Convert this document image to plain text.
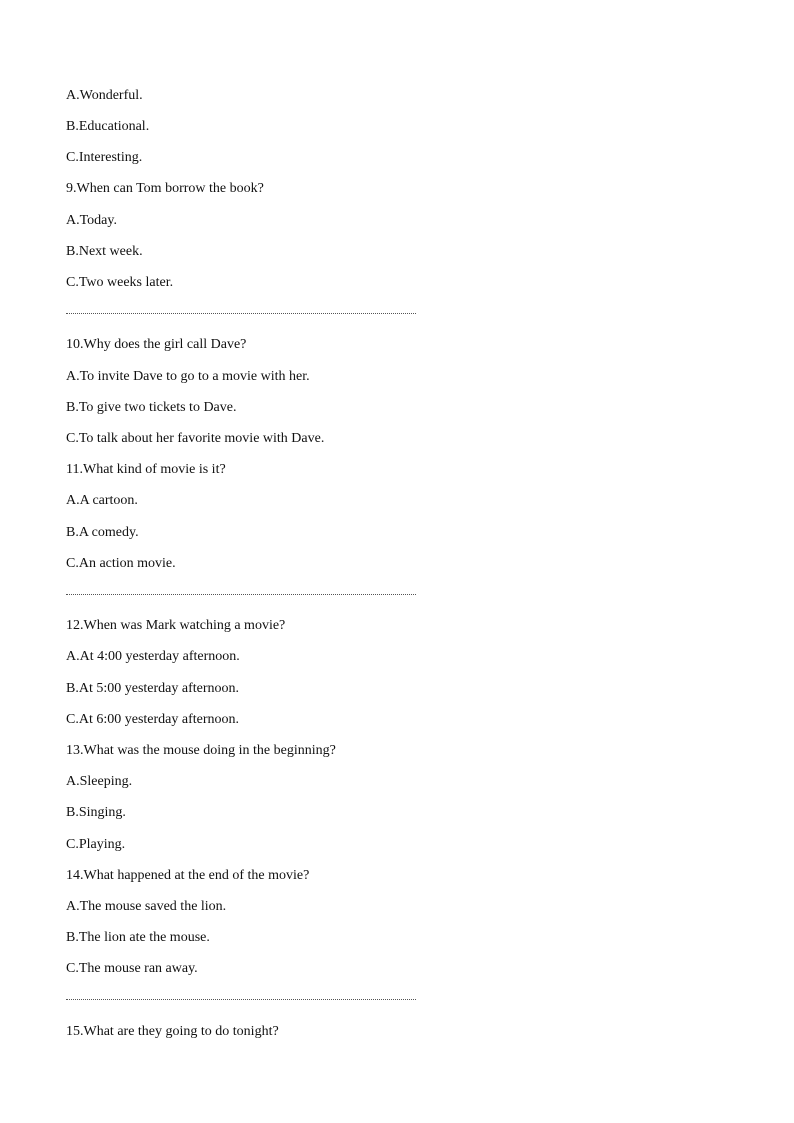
A.Wonderful.
B.Educational.
C.Interesting.
9.When can Tom borrow the book?
A.Today.
B.Next week.
C.Two weeks later.
10.Why does the girl call Dave?
A.To invite Dave to go to a movie with her.
B.To give two tickets to Dave.
C.To talk about her favorite movie with Dave.
11.What kind of movie is it?
A.A cartoon.
B.A comedy.
C.An action movie.
12.When was Mark watching a movie?
A.At 4:00 yesterday afternoon.
B.At 5:00 yesterday afternoon.
C.At 6:00 yesterday afternoon.
13.What was the mouse doing in the beginning?
A.Sleeping.
B.Singing.
C.Playing.
14.What happened at the end of the movie?
A.The mouse saved the lion.
B.The lion ate the mouse.
C.The mouse ran away.
15.What are they going to do tonight?
